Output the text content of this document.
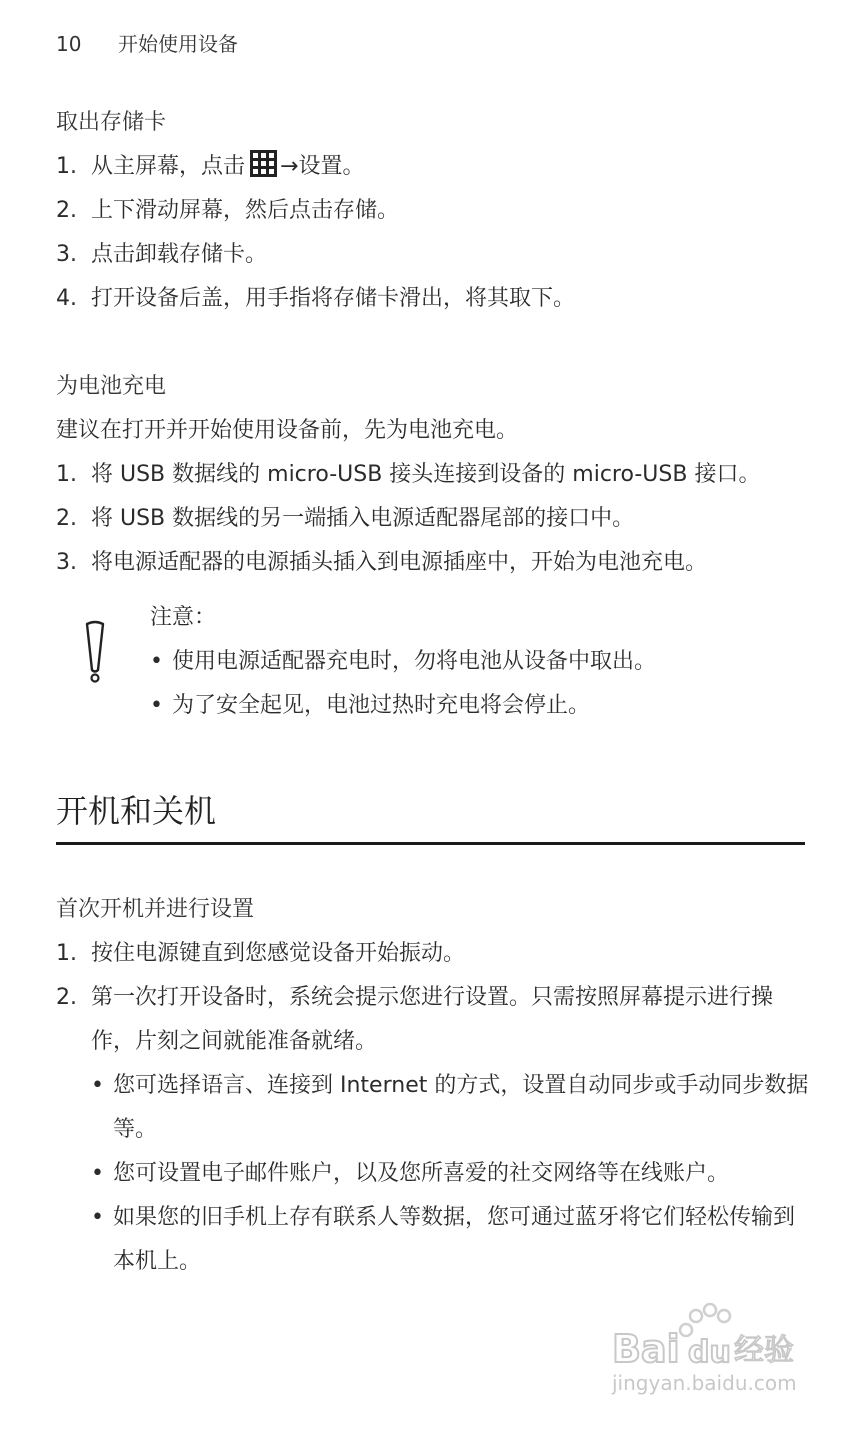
10 开始使用设备
取出存储卡
1. 从主屏幕，点击 →设置。
2. 上下滑动屏幕，然后点击存储。
3. 点击卸载存储卡。
4. 打开设备后盖，用手指将存储卡滑出，将其取下。
为电池充电
建议在打开并开始使用设备前，先为电池充电。
1. 将 USB 数据线的 micro-USB 接头连接到设备的 micro-USB 接口。
2. 将 USB 数据线的另一端插入电源适配器尾部的接口中。
3. 将电源适配器的电源插头插入到电源插座中，开始为电池充电。
注意：
• 使用电源适配器充电时，勿将电池从设备中取出。
• 为了安全起见，电池过热时充电将会停止。
开机和关机
首次开机并进行设置
1. 按住电源键直到您感觉设备开始振动。
2. 第一次打开设备时，系统会提示您进行设置。只需按照屏幕提示进行操作，片刻之间就能准备就绪。
• 您可选择语言、连接到 Internet 的方式，设置自动同步或手动同步数据等。
• 您可设置电子邮件账户，以及您所喜爱的社交网络等在线账户。
• 如果您的旧手机上存有联系人等数据，您可通过蓝牙将它们轻松传输到本机上。
Bai du 经验
jingyan.baidu.com
